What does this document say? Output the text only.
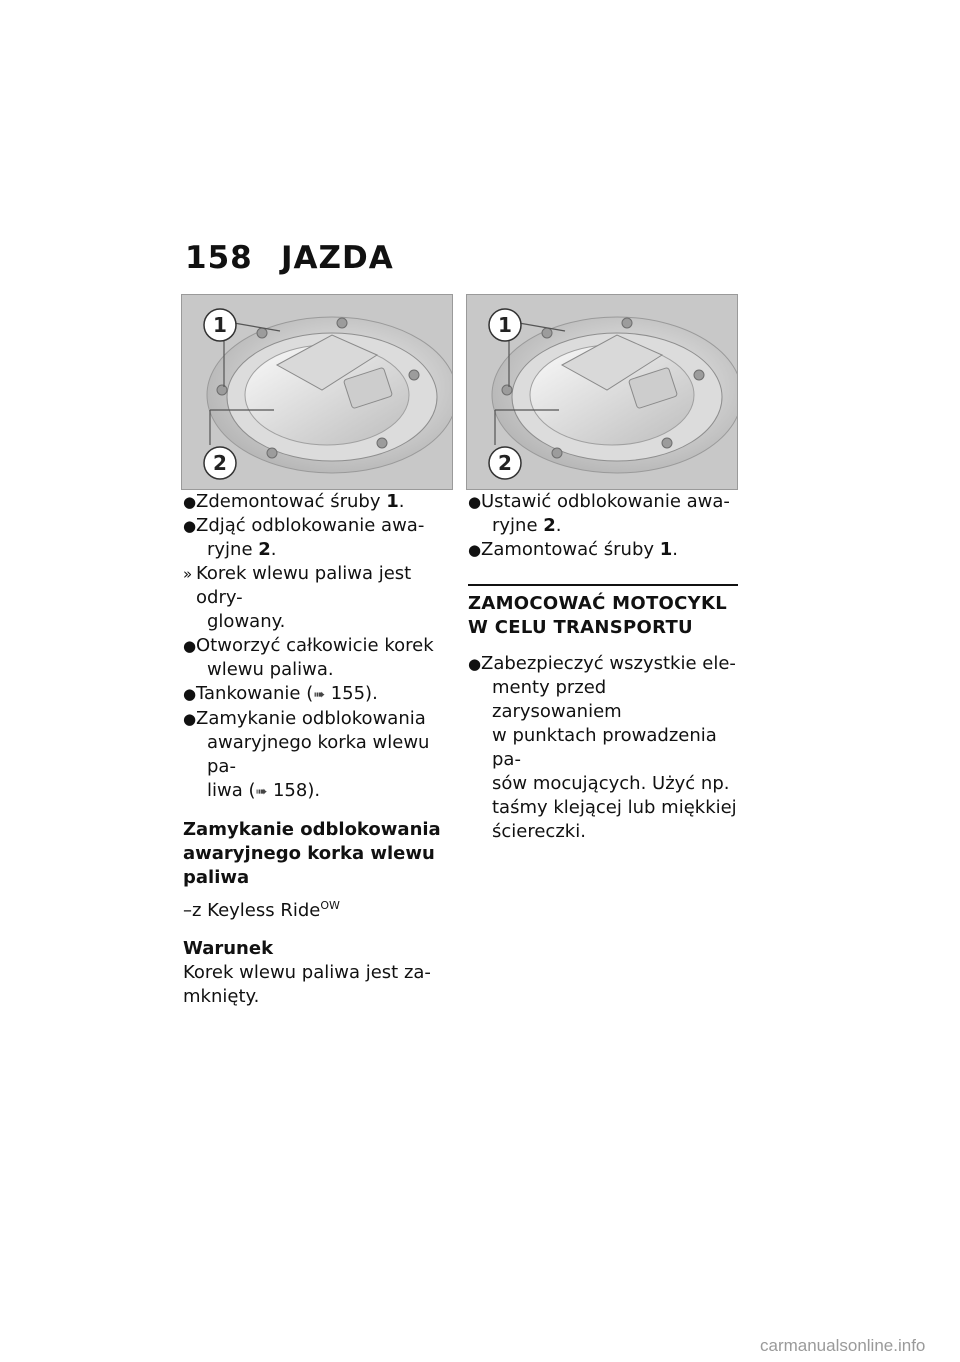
158 JAZDA
1
2
1
2

● Zdemontować śruby 1.

● Zdjąć odblokowanie awa-
ryjne 2.

» Korek wlewu paliwa jest odry-
glowany.

● Otworzyć całkowicie korek
wlewu paliwa.

● Tankowanie (➠ 155).

● Zamykanie odblokowania
awaryjnego korka wlewu pa-
liwa (➠ 158).

Zamykanie odblokowania
awaryjnego korka wlewu
paliwa
–z Keyless Ride$^{OW}$
Warunek
Korek wlewu paliwa jest za-
mknięty.

● Ustawić odblokowanie awa-
ryjne 2.

● Zamontować śruby 1.

ZAMOCOWAĆ MOTOCYKL
W CELU TRANSPORTU

● Zabezpieczyć wszystkie ele-
menty przed zarysowaniem
w punktach prowadzenia pa-
sów mocujących. Użyć np.
taśmy klejącej lub miękkiej
ściereczki.

carmanualsonline.info
